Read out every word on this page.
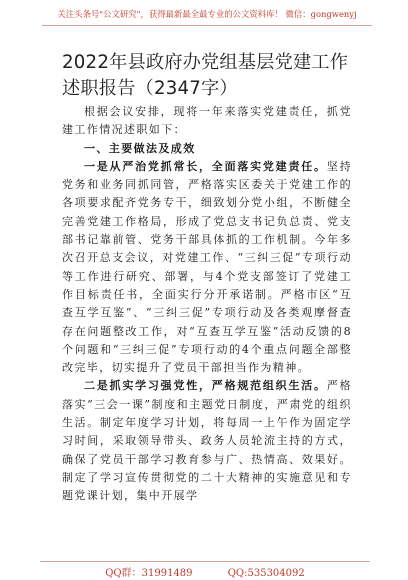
关注头条号"公文研究"，获得最新最全最专业的公文资料库！ 微信：gongwenyj
2022年县政府办党组基层党建工作述职报告（2347字）

根据会议安排，现将一年来落实党建责任，抓党建工作情况述职如下：

一、主要做法及成效

一是从严治党抓常长，全面落实党建责任。坚持党务和业务同抓同管，严格落实区委关于党建工作的各项要求配齐党务专干，细致划分党小组，不断健全完善党建工作格局，形成了党总支书记负总责、党支部书记靠前管、党务干部具体抓的工作机制。今年多次召开总支会议，对党建工作、“三纠三促”专项行动等工作进行研究、部署，与4个党支部签订了党建工作目标责任书，全面实行分开承诺制。严格市区“互查互学互鉴”、“三纠三促”专项行动及各类观摩督查存在问题整改工作，对“互查互学互鉴”活动反馈的8个问题和“三纠三促”专项行动的4个重点问题全部整改完毕，切实提升了党员干部担当作为精神。

二是抓实学习强党性，严格规范组织生活。严格落实“三会一课”制度和主题党日制度，严肃党的组织生活。制定年度学习计划，将每周一上午作为固定学习时间，采取领导带头、政务人员轮流主持的方式，确保了党员干部学习教育参与广、热情高、效果好。制定了学习宣传贯彻党的二十大精神的实施意见和专题党课计划，集中开展学

QQ群：31991489	QQ:535304092
